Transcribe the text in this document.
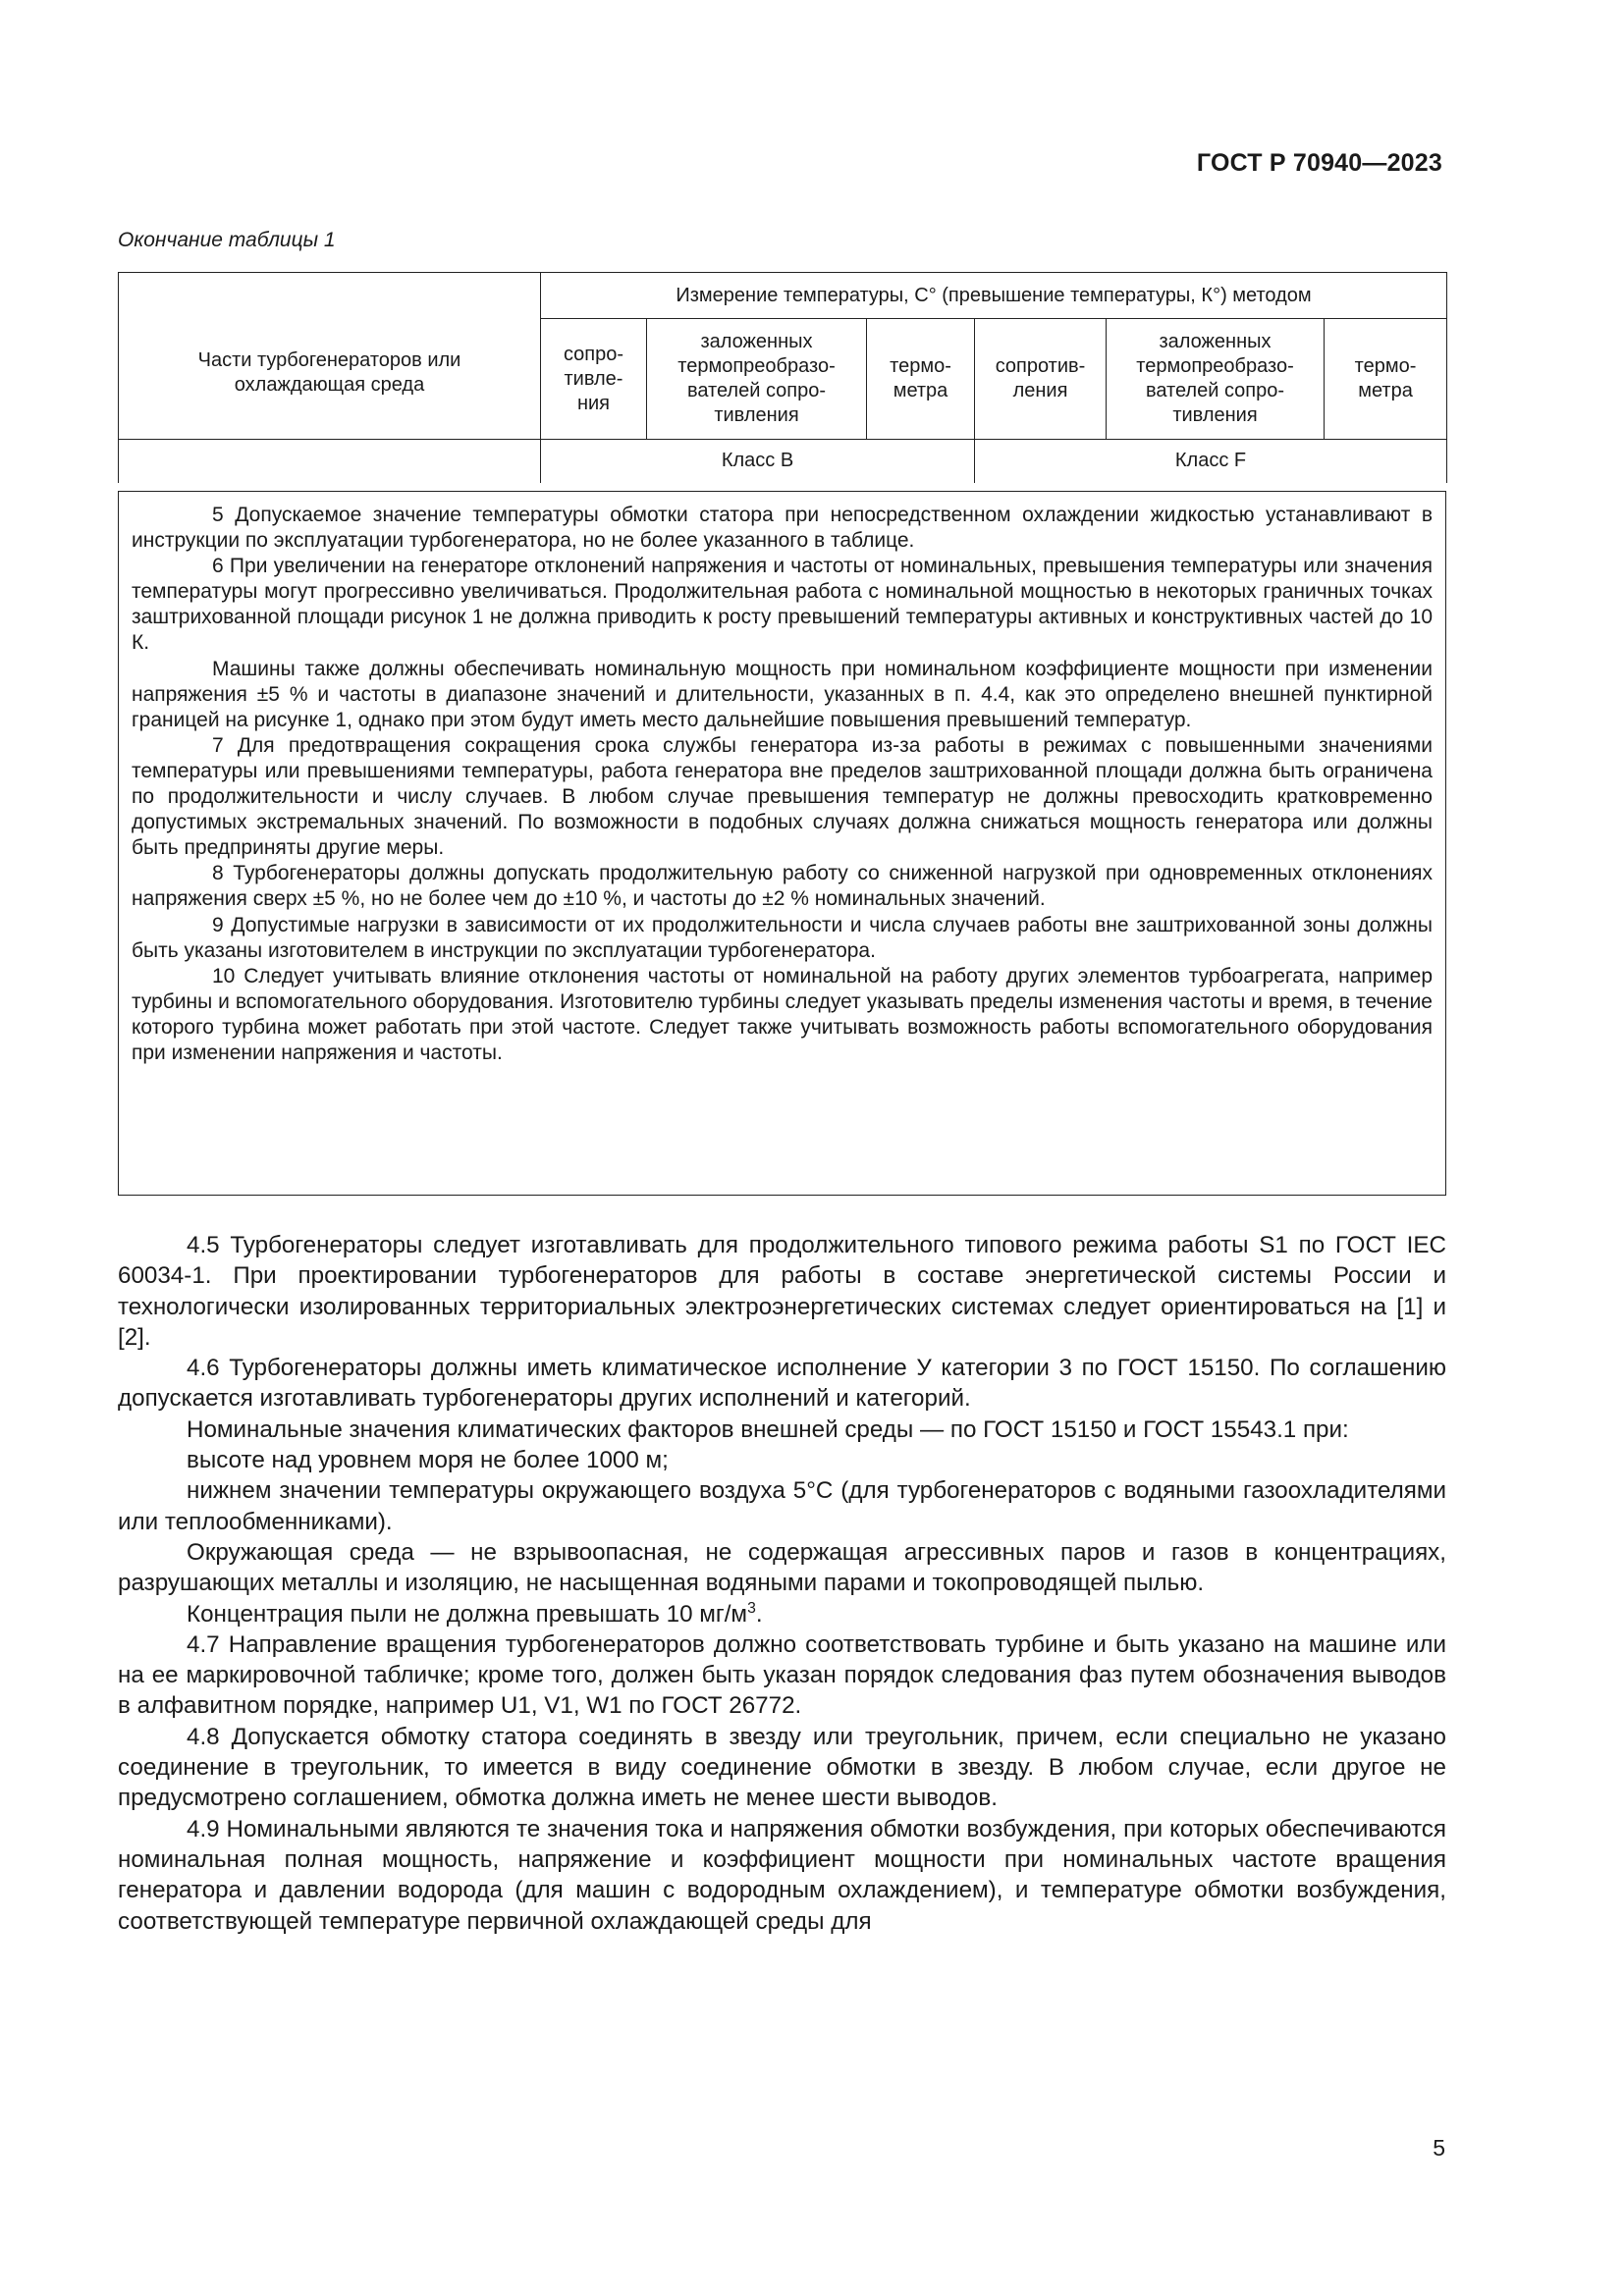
ГОСТ Р 70940—2023
Окончание таблицы 1
Части турбогенераторов или охлаждающая среда	Измерение температуры, С° (превышение температуры, К°) методом					

	сопро-тивле-ния	заложенных термопреобразо-вателей сопро-тивления	термо-метра	сопротив-ления	заложенных термопреобразо-вателей сопро-тивления	термо-метра

	Класс B			Класс F		

5 Допускаемое значение температуры обмотки статора при непосредственном охлаждении жидкостью устанавливают в инструкции по эксплуатации турбогенератора, но не более указанного в таблице.

6 При увеличении на генераторе отклонений напряжения и частоты от номинальных, превышения температуры или значения температуры могут прогрессивно увеличиваться. Продолжительная работа с номинальной мощностью в некоторых граничных точках заштрихованной площади рисунок 1 не должна приводить к росту превышений температуры активных и конструктивных частей до 10 К.

Машины также должны обеспечивать номинальную мощность при номинальном коэффициенте мощности при изменении напряжения ±5 % и частоты в диапазоне значений и длительности, указанных в п. 4.4, как это определено внешней пунктирной границей на рисунке 1, однако при этом будут иметь место дальнейшие повышения превышений температур.

7 Для предотвращения сокращения срока службы генератора из-за работы в режимах с повышенными значениями температуры или превышениями температуры, работа генератора вне пределов заштрихованной площади должна быть ограничена по продолжительности и числу случаев. В любом случае превышения температур не должны превосходить кратковременно допустимых экстремальных значений. По возможности в подобных случаях должна снижаться мощность генератора или должны быть предприняты другие меры.

8 Турбогенераторы должны допускать продолжительную работу со сниженной нагрузкой при одновременных отклонениях напряжения сверх ±5 %, но не более чем до ±10 %, и частоты до ±2 % номинальных значений.

9 Допустимые нагрузки в зависимости от их продолжительности и числа случаев работы вне заштрихованной зоны должны быть указаны изготовителем в инструкции по эксплуатации турбогенератора.

10 Следует учитывать влияние отклонения частоты от номинальной на работу других элементов турбоагрегата, например турбины и вспомогательного оборудования. Изготовителю турбины следует указывать пределы изменения частоты и время, в течение которого турбина может работать при этой частоте. Следует также учитывать возможность работы вспомогательного оборудования при изменении напряжения и частоты.

4.5 Турбогенераторы следует изготавливать для продолжительного типового режима работы S1 по ГОСТ IEC 60034-1. При проектировании турбогенераторов для работы в составе энергетической системы России и технологически изолированных территориальных электроэнергетических системах следует ориентироваться на [1] и [2].

4.6 Турбогенераторы должны иметь климатическое исполнение У категории 3 по ГОСТ 15150. По соглашению допускается изготавливать турбогенераторы других исполнений и категорий.

Номинальные значения климатических факторов внешней среды — по ГОСТ 15150 и ГОСТ 15543.1 при:

высоте над уровнем моря не более 1000 м;

нижнем значении температуры окружающего воздуха 5°С (для турбогенераторов с водяными газоохладителями или теплообменниками).

Окружающая среда — не взрывоопасная, не содержащая агрессивных паров и газов в концентрациях, разрушающих металлы и изоляцию, не насыщенная водяными парами и токопроводящей пылью.

Концентрация пыли не должна превышать 10 $мг/м^3$.

4.7 Направление вращения турбогенераторов должно соответствовать турбине и быть указано на машине или на ее маркировочной табличке; кроме того, должен быть указан порядок следования фаз путем обозначения выводов в алфавитном порядке, например U1, V1, W1 по ГОСТ 26772.

4.8 Допускается обмотку статора соединять в звезду или треугольник, причем, если специально не указано соединение в треугольник, то имеется в виду соединение обмотки в звезду. В любом случае, если другое не предусмотрено соглашением, обмотка должна иметь не менее шести выводов.

4.9 Номинальными являются те значения тока и напряжения обмотки возбуждения, при которых обеспечиваются номинальная полная мощность, напряжение и коэффициент мощности при номинальных частоте вращения генератора и давлении водорода (для машин с водородным охлаждением), и температуре обмотки возбуждения, соответствующей температуре первичной охлаждающей среды для

5
